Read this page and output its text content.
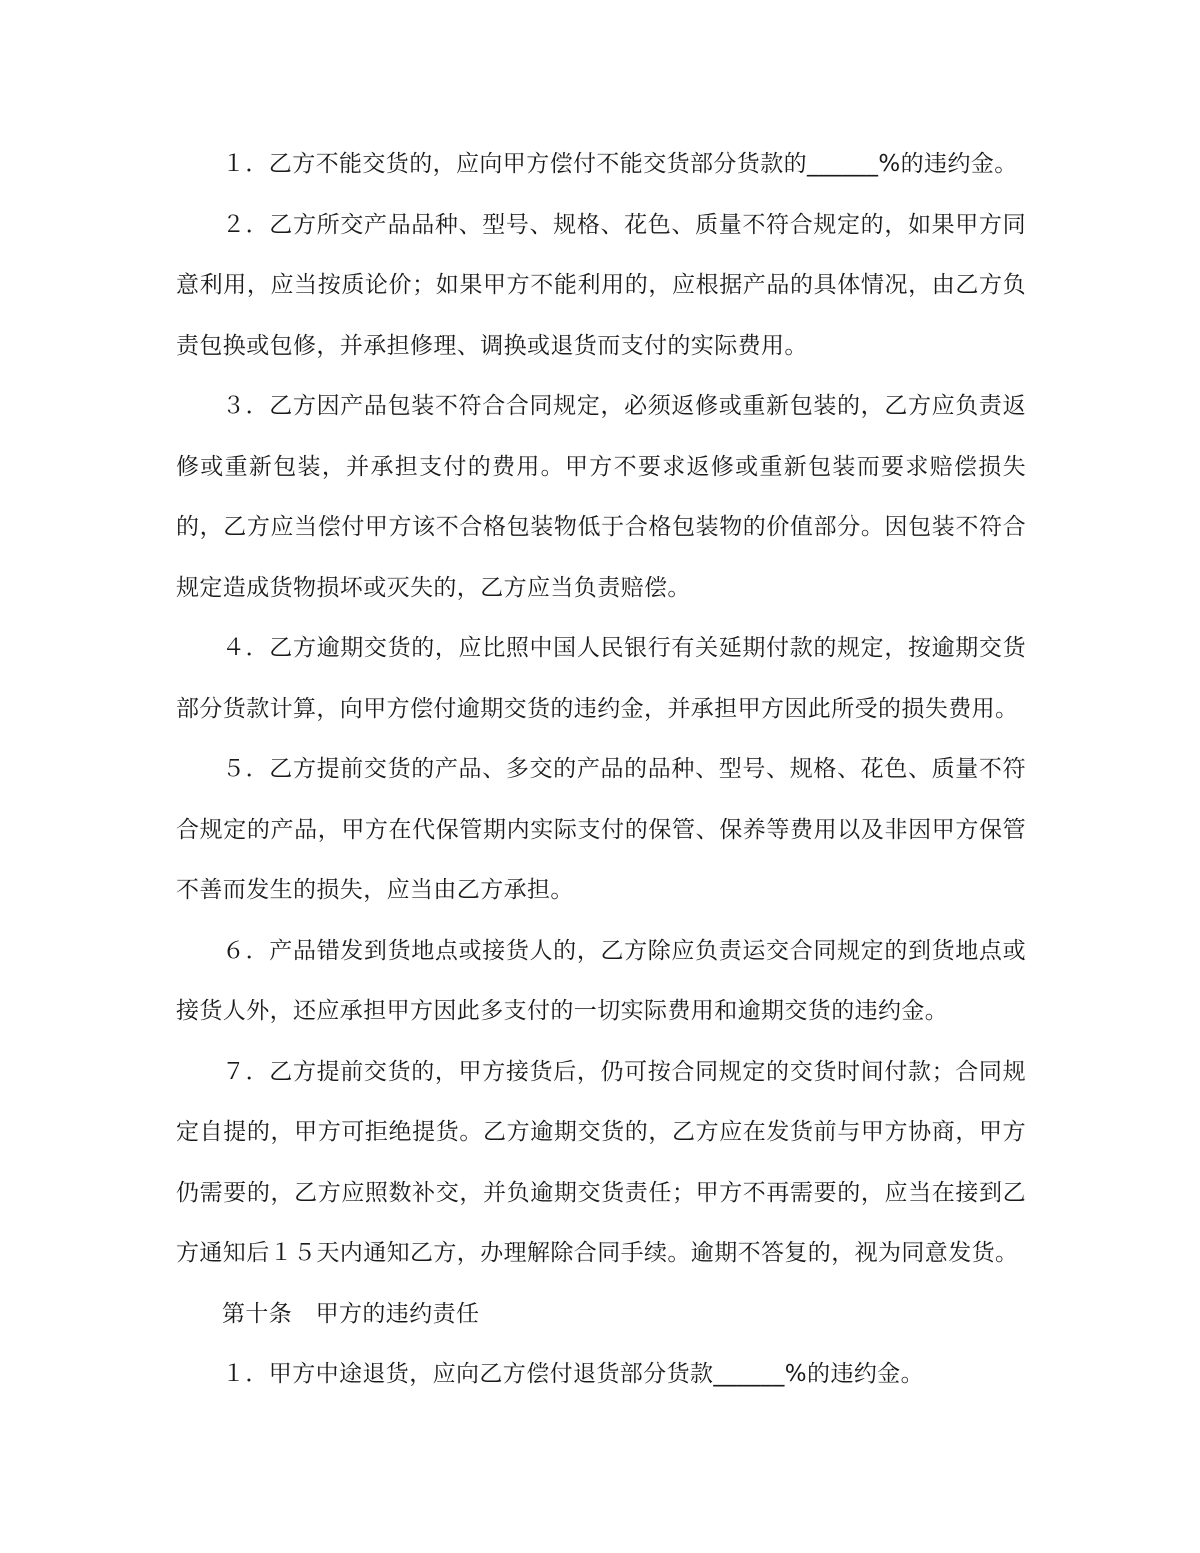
１．乙方不能交货的，应向甲方偿付不能交货部分货款的______%的违约金。

２．乙方所交产品品种、型号、规格、花色、质量不符合规定的，如果甲方同意利用，应当按质论价；如果甲方不能利用的，应根据产品的具体情况，由乙方负责包换或包修，并承担修理、调换或退货而支付的实际费用。

３．乙方因产品包装不符合合同规定，必须返修或重新包装的，乙方应负责返修或重新包装，并承担支付的费用。甲方不要求返修或重新包装而要求赔偿损失的，乙方应当偿付甲方该不合格包装物低于合格包装物的价值部分。因包装不符合规定造成货物损坏或灭失的，乙方应当负责赔偿。

４．乙方逾期交货的，应比照中国人民银行有关延期付款的规定，按逾期交货部分货款计算，向甲方偿付逾期交货的违约金，并承担甲方因此所受的损失费用。

５．乙方提前交货的产品、多交的产品的品种、型号、规格、花色、质量不符合规定的产品，甲方在代保管期内实际支付的保管、保养等费用以及非因甲方保管不善而发生的损失，应当由乙方承担。

６．产品错发到货地点或接货人的，乙方除应负责运交合同规定的到货地点或接货人外，还应承担甲方因此多支付的一切实际费用和逾期交货的违约金。

７．乙方提前交货的，甲方接货后，仍可按合同规定的交货时间付款；合同规定自提的，甲方可拒绝提货。乙方逾期交货的，乙方应在发货前与甲方协商，甲方仍需要的，乙方应照数补交，并负逾期交货责任；甲方不再需要的，应当在接到乙方通知后１５天内通知乙方，办理解除合同手续。逾期不答复的，视为同意发货。

第十条　甲方的违约责任

１．甲方中途退货，应向乙方偿付退货部分货款______%的违约金。
